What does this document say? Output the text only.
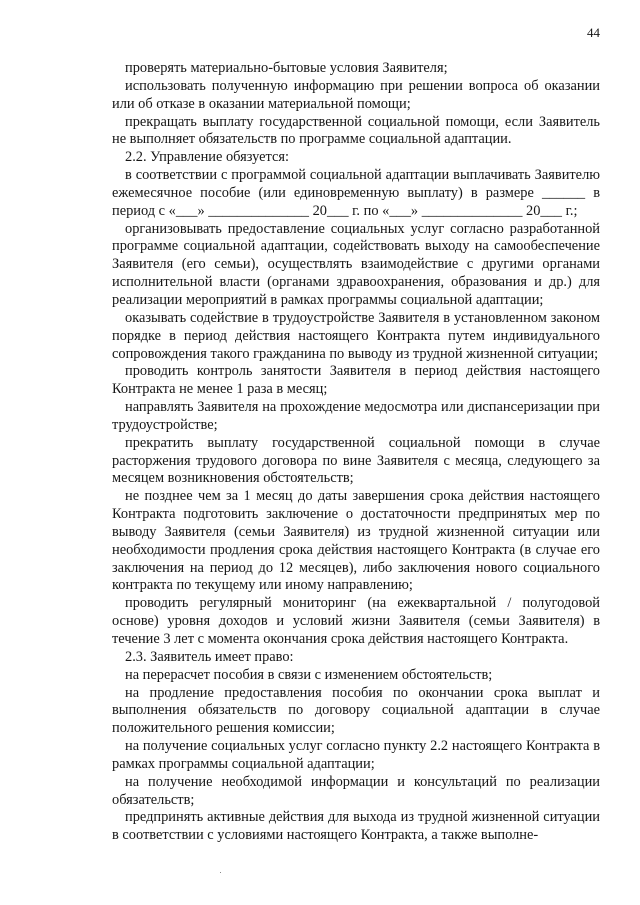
44

проверять материально-бытовые условия Заявителя;

использовать полученную информацию при решении вопроса об оказании или об отказе в оказании материальной помощи;

прекращать выплату государственной социальной помощи, если Заявитель не выполняет обязательств по программе социальной адаптации.

2.2. Управление обязуется:

в соответствии с программой социальной адаптации выплачивать Заявителю ежемесячное пособие (или единовременную выплату) в размере ______ в период с «___» ______________ 20___ г. по «___» ______________ 20___ г.;

организовывать предоставление социальных услуг согласно разработанной программе социальной адаптации, содействовать выходу на самообеспечение Заявителя (его семьи), осуществлять взаимодействие с другими органами исполнительной власти (органами здравоохранения, образования и др.) для реализации мероприятий в рамках программы социальной адаптации;

оказывать содействие в трудоустройстве Заявителя в установленном законом порядке в период действия настоящего Контракта путем индивидуального сопровождения такого гражданина по выводу из трудной жизненной ситуации;

проводить контроль занятости Заявителя в период действия настоящего Контракта не менее 1 раза в месяц;

направлять Заявителя на прохождение медосмотра или диспансеризации при трудоустройстве;

прекратить выплату государственной социальной помощи в случае расторжения трудового договора по вине Заявителя с месяца, следующего за месяцем возникновения обстоятельств;

не позднее чем за 1 месяц до даты завершения срока действия настоящего Контракта подготовить заключение о достаточности предпринятых мер по выводу Заявителя (семьи Заявителя) из трудной жизненной ситуации или необходимости продления срока действия настоящего Контракта (в случае его заключения на период до 12 месяцев), либо заключения нового социального контракта по текущему или иному направлению;

проводить регулярный мониторинг (на ежеквартальной / полугодовой основе) уровня доходов и условий жизни Заявителя (семьи Заявителя) в течение 3 лет с момента окончания срока действия настоящего Контракта.

2.3. Заявитель имеет право:

на перерасчет пособия в связи с изменением обстоятельств;

на продление предоставления пособия по окончании срока выплат и выполнения обязательств по договору социальной адаптации в случае положительного решения комиссии;

на получение социальных услуг согласно пункту 2.2 настоящего Контракта в рамках программы социальной адаптации;

на получение необходимой информации и консультаций по реализации обязательств;

предпринять активные действия для выхода из трудной жизненной ситуации в соответствии с условиями настоящего Контракта, а также выполне-
